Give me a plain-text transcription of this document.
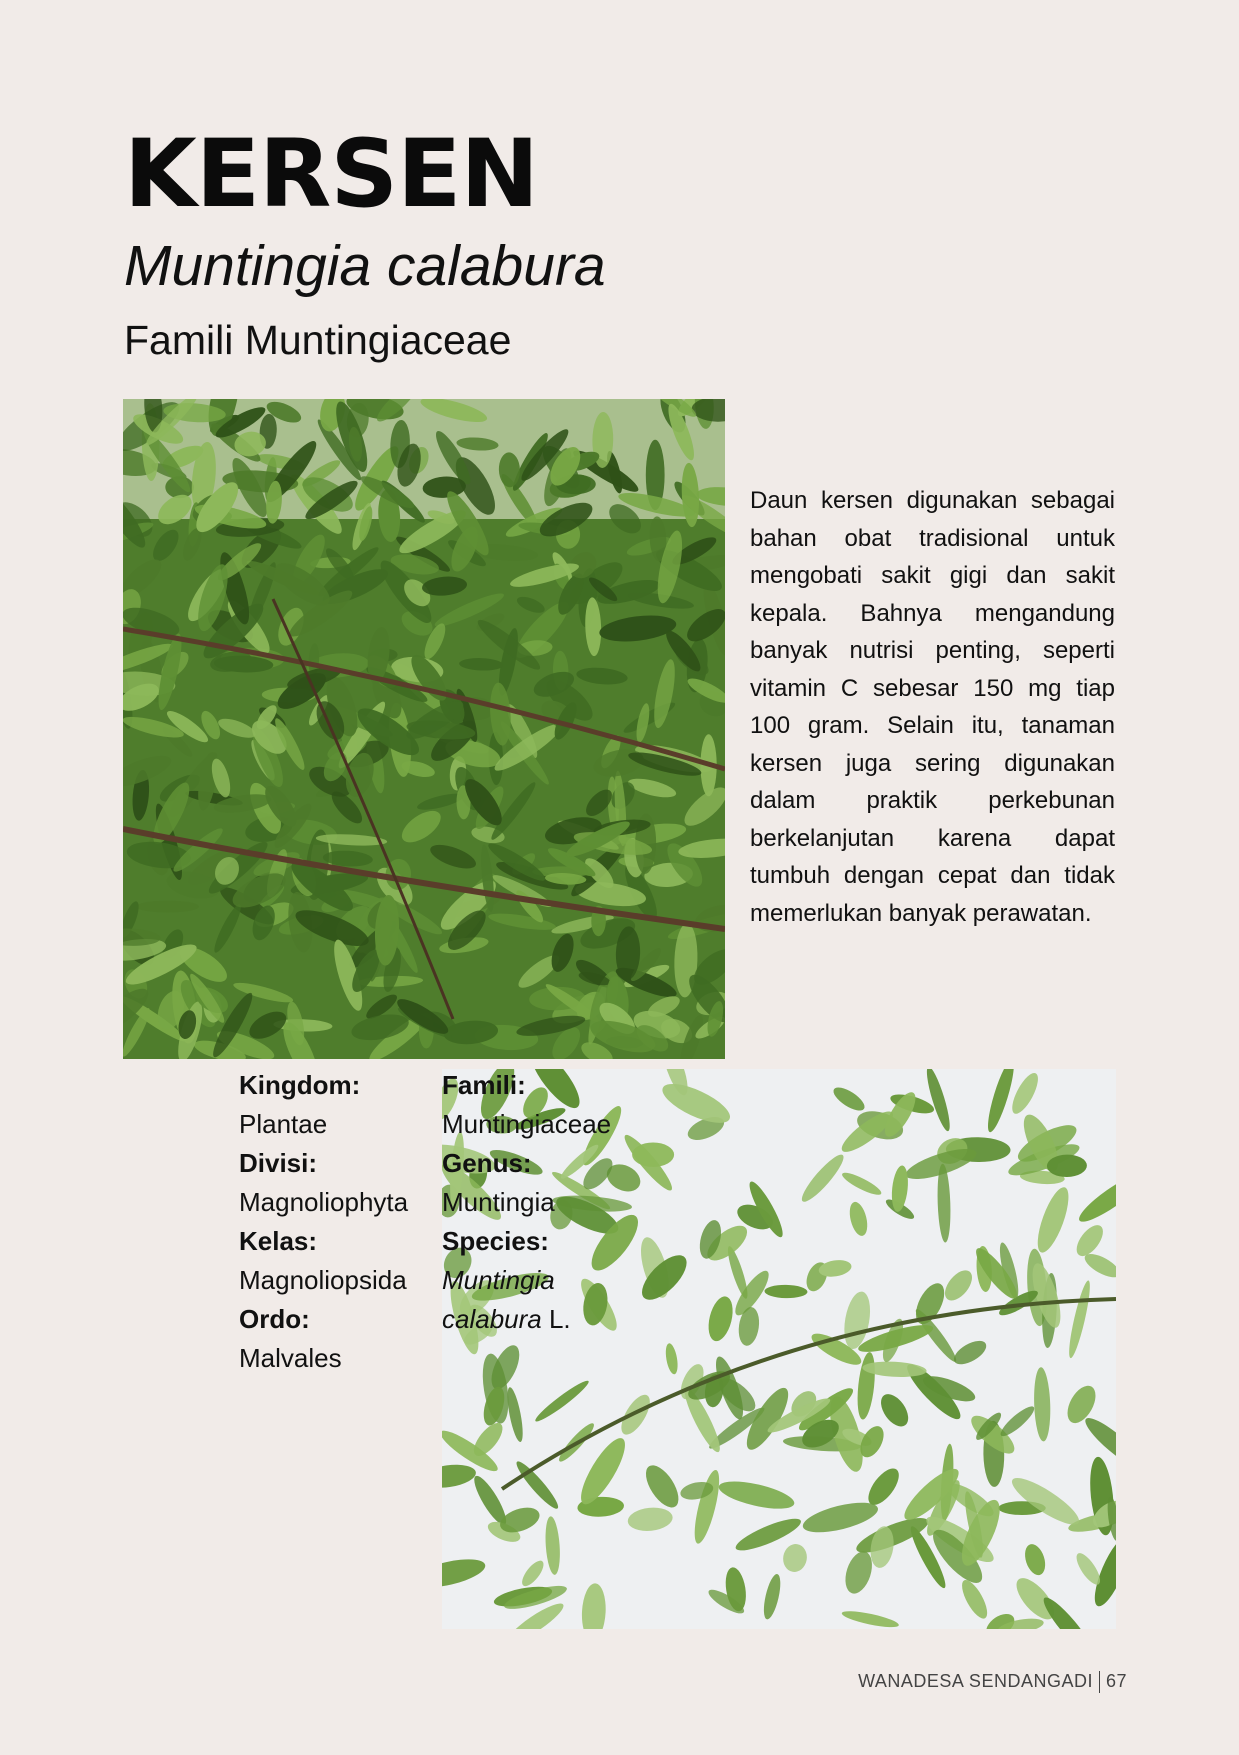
KERSEN
Muntingia calabura
Famili Muntingiaceae

Daun kersen digunakan sebagai bahan obat tradisional untuk mengobati sakit gigi dan sakit kepala. Bahnya mengandung banyak nutrisi penting, seperti vitamin C sebesar 150 mg tiap 100 gram. Selain itu, tanaman kersen juga sering digunakan dalam praktik perkebunan berkelanjutan karena dapat tumbuh dengan cepat dan tidak memerlukan banyak perawatan.

Kingdom:
Plantae
Divisi:
Magnoliophyta
Kelas:
Magnoliopsida
Ordo:
Malvales
Famili:
Muntingiaceae
Genus:
Muntingia
Species:
Muntingia
calabura L.
WANADESA SENDANGADI 67
